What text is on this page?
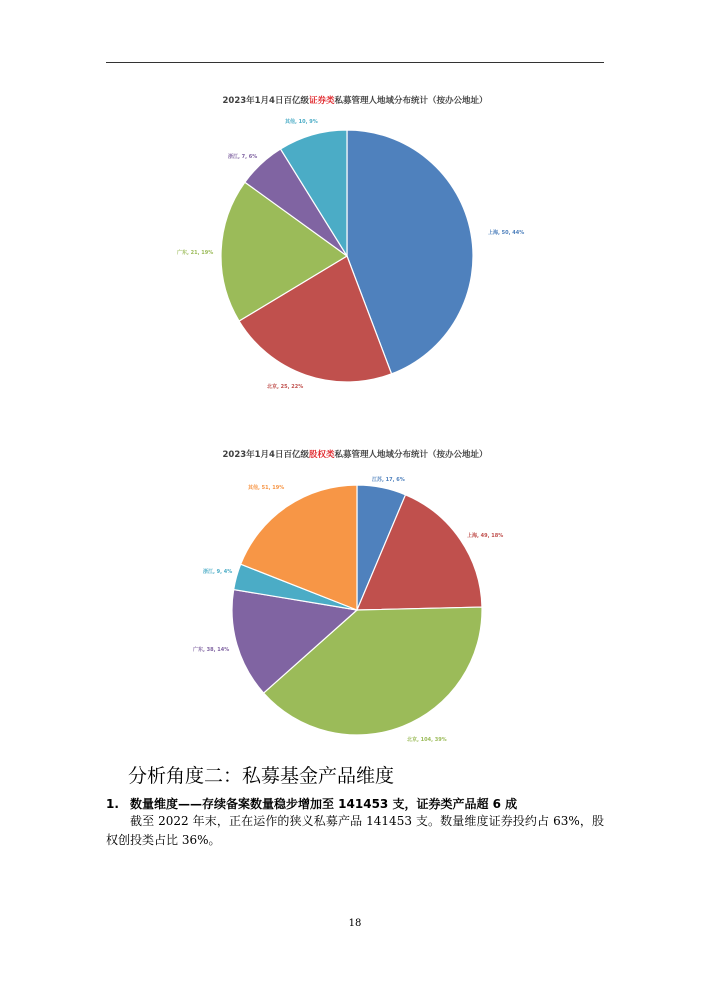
2023年1月4日百亿级证券类私募管理人地域分布统计（按办公地址）
上海, 50, 44%
北京, 25, 22%
广东, 21, 19%
浙江, 7, 6%
其他, 10, 9%
2023年1月4日百亿级股权类私募管理人地域分布统计（按办公地址）
江苏, 17, 6%
上海, 49, 18%
北京, 104, 39%
广东, 38, 14%
浙江, 9, 4%
其他, 51, 19%
分析角度二：私募基金产品维度
1. 数量维度——存续备案数量稳步增加至 141453 支，证券类产品超 6 成
截至 2022 年末，正在运作的狭义私募产品 141453 支。数量维度证券投约占 63%，股权创投类占比 36%。
18
